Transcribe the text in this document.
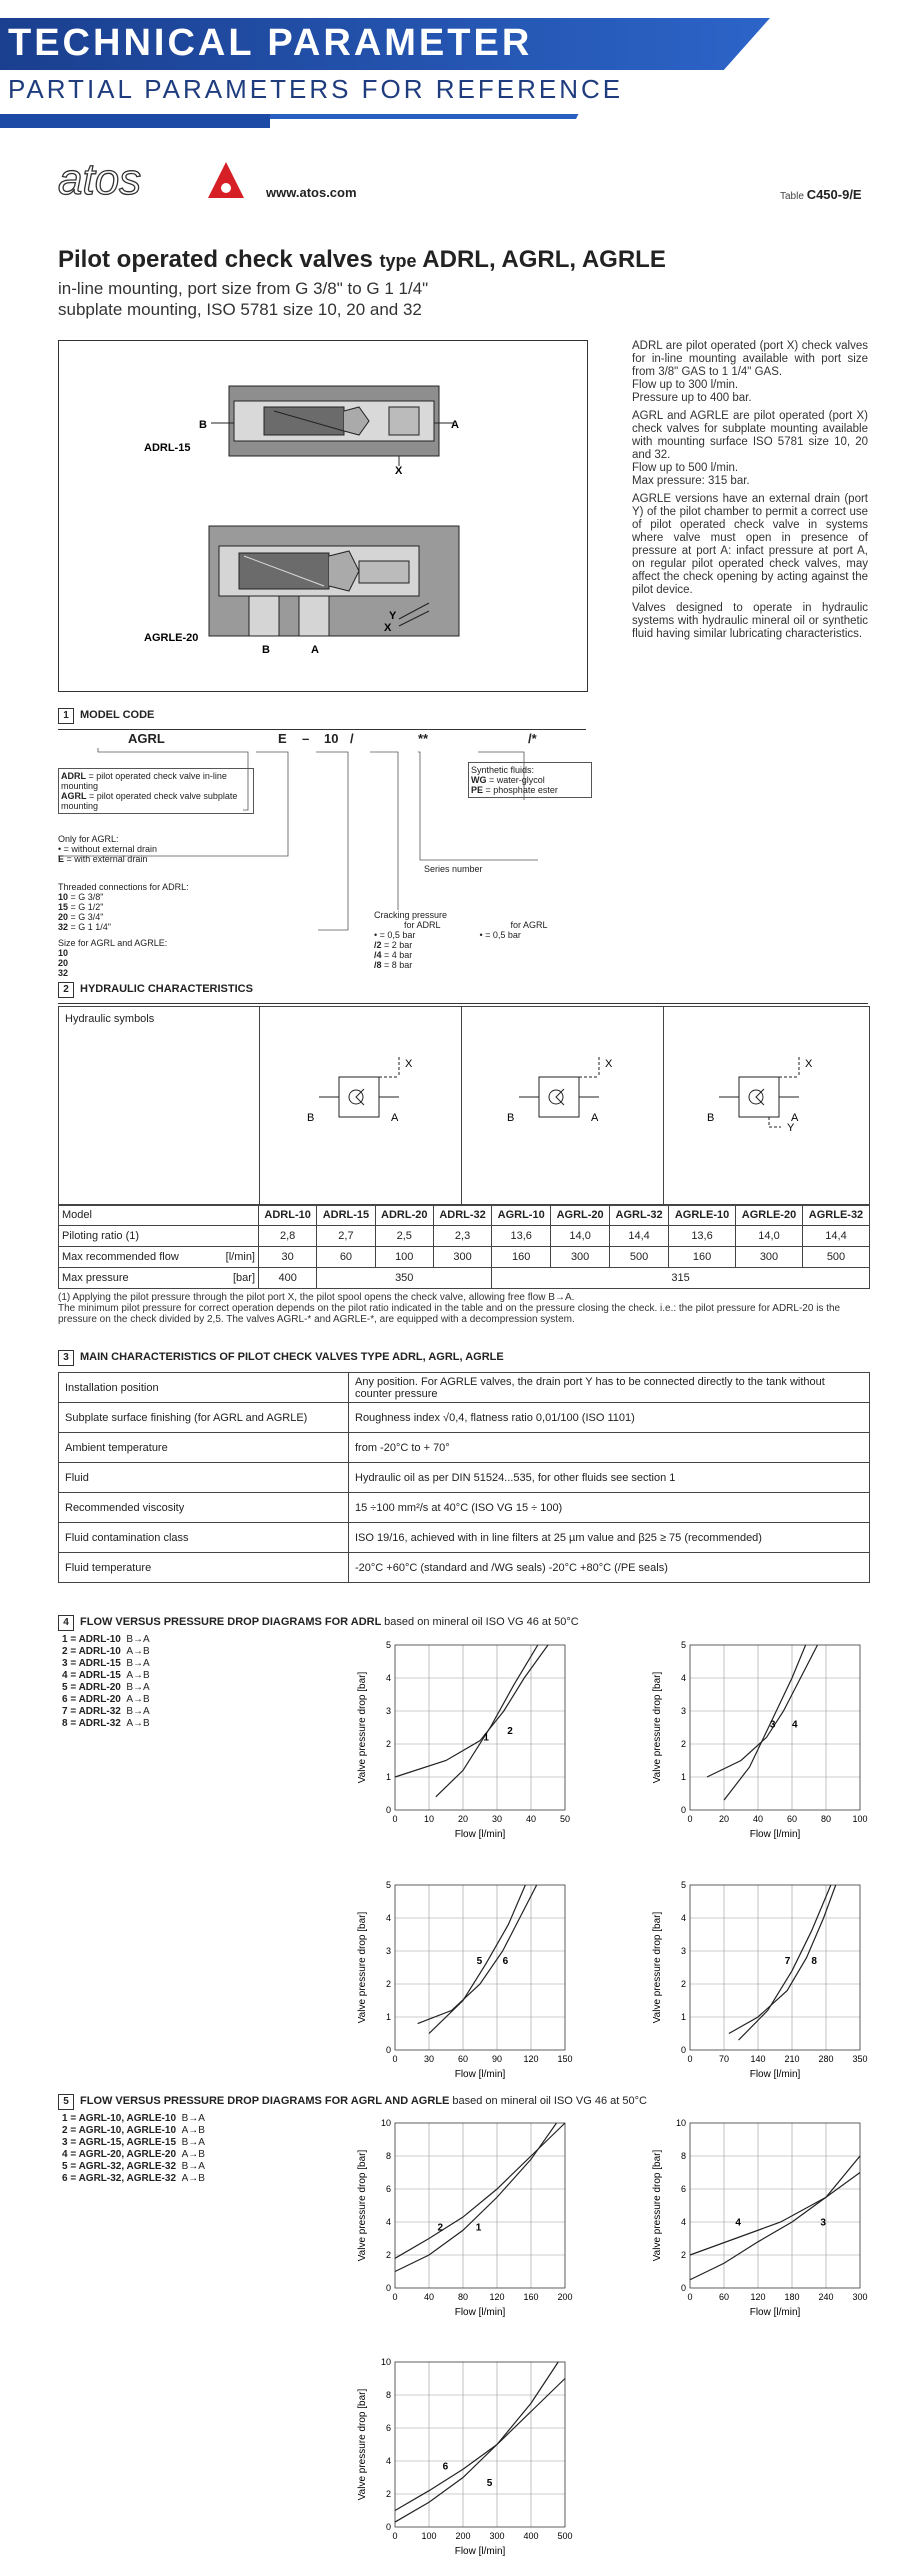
TECHNICAL PARAMETER
PARTIAL PARAMETERS FOR REFERENCE
atos	www.atos.com	Table C450-9/E
Pilot operated check valves type ADRL, AGRL, AGRLE
in-line mounting, port size from G 3/8" to G 1 1/4"
subplate mounting, ISO 5781 size 10, 20 and 32
B	A
X
ADRL-15
B	A
X
Y
AGRLE-20
ADRL are pilot operated (port X) check valves for in-line mounting available with port size from 3/8" GAS to 1 1/4" GAS.
Flow up to 300 l/min.
Pressure up to 400 bar.
AGRL and AGRLE are pilot operated (port X) check valves for subplate mounting available with mounting surface ISO 5781 size 10, 20 and 32.
Flow up to 500 l/min.
Max pressure: 315 bar.
AGRLE versions have an external drain (port Y) of the pilot chamber to permit a correct use of pilot operated check valve in systems where valve must open in presence of pressure at port A: infact pressure at port A, on regular pilot operated check valves, may affect the check opening by acting against the pilot device.
Valves designed to operate in hydraulic systems with hydraulic mineral oil or synthetic fluid having similar lubricating characteristics.
1 MODEL CODE
AGRL	E – 10 /	**	/*
ADRL = pilot operated check valve in-line mounting
AGRL = pilot operated check valve subplate mounting
Only for AGRL:
• = without external drain
E = with external drain
Threaded connections for ADRL:
10 = G 3/8"
15 = G 1/2"
20 = G 3/4"
32 = G 1 1/4"
Size for AGRL and AGRLE:
10
20
32
Synthetic fluids:
WG = water-glycol
PE = phosphate ester
Series number
Cracking pressure
for ADRL	for AGRL
• = 0,5 bar	• = 0,5 bar
/2 = 2 bar
/4 = 4 bar
/8 = 8 bar
2 HYDRAULIC CHARACTERISTICS
Hydraulic symbols
B	A
X
B	A
X
B	A
X
Y
Model	ADRL-10	ADRL-15	ADRL-20	ADRL-32	AGRL-10	AGRL-20	AGRL-32	AGRLE-10	AGRLE-20	AGRLE-32
Piloting ratio (1)	2,8	2,7	2,5	2,3	13,6	14,0	14,4	13,6	14,0	14,4
Max recommended flow [l/min]	30	60	100	300	160	300	500	160	300	500
Max pressure [bar]	400	350			315					
(1) Applying the pilot pressure through the pilot port X, the pilot spool opens the check valve, allowing free flow B→A.
The minimum pilot pressure for correct operation depends on the pilot ratio indicated in the table and on the pressure closing the check. i.e.: the pilot pressure for ADRL-20 is the pressure on the check divided by 2,5. The valves AGRL-* and AGRLE-*, are equipped with a decompression system.
3 MAIN CHARACTERISTICS OF PILOT CHECK VALVES TYPE ADRL, AGRL, AGRLE
Installation position	Any position. For AGRLE valves, the drain port Y has to be connected directly to the tank without counter pressure
Subplate surface finishing (for AGRL and AGRLE)	Roughness index √0,4, flatness ratio 0,01/100 (ISO 1101)
Ambient temperature	from -20°C to + 70°
Fluid	Hydraulic oil as per DIN 51524...535, for other fluids see section 1
Recommended viscosity	15 ÷100 mm²/s at 40°C (ISO VG 15 ÷ 100)
Fluid contamination class	ISO 19/16, achieved with in line filters at 25 µm value and β25 ≥ 75 (recommended)
Fluid temperature	-20°C +60°C (standard and /WG seals) -20°C +80°C (/PE seals)
4 FLOW VERSUS PRESSURE DROP DIAGRAMS FOR ADRL based on mineral oil ISO VG 46 at 50°C
1 = ADRL-10  B→A
2 = ADRL-10  A→B
3 = ADRL-15  B→A
4 = ADRL-15  A→B
5 = ADRL-20  B→A
6 = ADRL-20  A→B
7 = ADRL-32  B→A
8 = ADRL-32  A→B
5 FLOW VERSUS PRESSURE DROP DIAGRAMS FOR AGRL AND AGRLE based on mineral oil ISO VG 46 at 50°C
1 = AGRL-10, AGRLE-10  B→A
2 = AGRL-10, AGRLE-10  A→B
3 = AGRL-15, AGRLE-15  B→A
4 = AGRL-20, AGRLE-20  A→B
5 = AGRL-32, AGRLE-32  B→A
6 = AGRL-32, AGRLE-32  A→B
0	10	20	30	40	50
0
1
2
3
4
5
1
2
Flow [l/min]
Valve pressure drop [bar]
0	20	40	60	80 100
0
1
2
3
4
5
3 4
Flow [l/min]
Valve pressure drop [bar]
0	30	60	90 120 150
0
1
2
3
4
5
5 6
Flow [l/min]
Valve pressure drop [bar]
0	70 140 210 280 350
0
1
2
3
4
5
7 8
Flow [l/min]
Valve pressure drop [bar]
0	40	80 120 160 200
0
2
4
6
8
10
1
2
Flow [l/min]
Valve pressure drop [bar]
0	60 120 180 240 300
0
2
4
6
8
10
3
4
Flow [l/min]
Valve pressure drop [bar]
0	100 200 300 400 500
0
2
4
6
8
10
5
6
Flow [l/min]
Valve pressure drop [bar]
